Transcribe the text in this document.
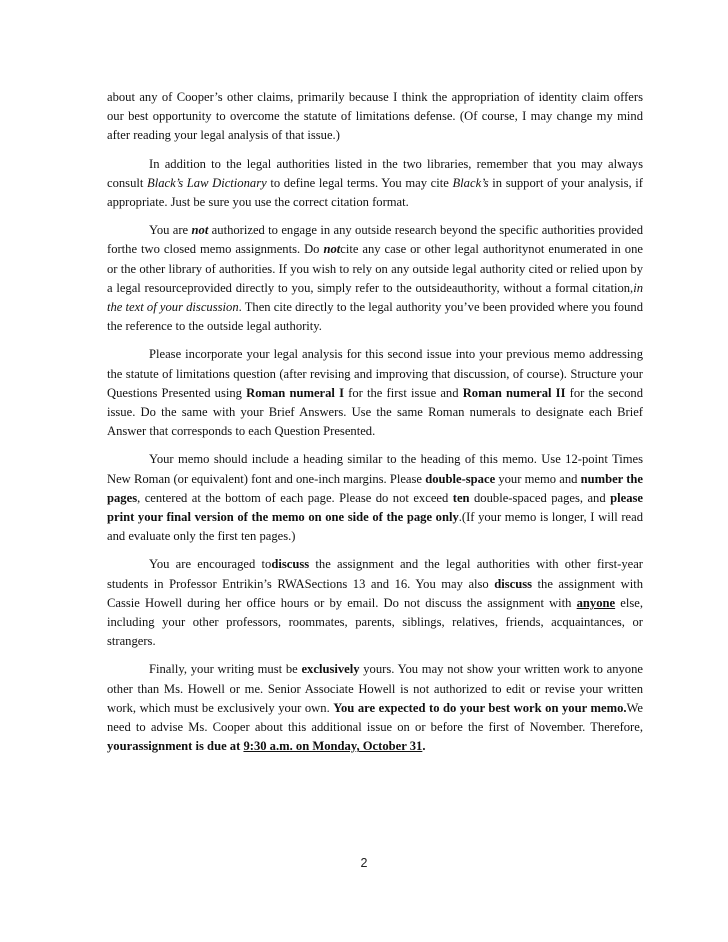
about any of Cooper’s other claims, primarily because I think the appropriation of identity claim offers our best opportunity to overcome the statute of limitations defense. (Of course, I may change my mind after reading your legal analysis of that issue.)

In addition to the legal authorities listed in the two libraries, remember that you may always consult Black’s Law Dictionary to define legal terms. You may cite Black’s in support of your analysis, if appropriate. Just be sure you use the correct citation format.

You are not authorized to engage in any outside research beyond the specific authorities provided forthe two closed memo assignments. Do notcite any case or other legal authoritynot enumerated in one or the other library of authorities. If you wish to rely on any outside legal authority cited or relied upon by a legal resourceprovided directly to you, simply refer to the outsideauthority, without a formal citation,in the text of your discussion. Then cite directly to the legal authority you’ve been provided where you found the reference to the outside legal authority.

Please incorporate your legal analysis for this second issue into your previous memo addressing the statute of limitations question (after revising and improving that discussion, of course). Structure your Questions Presented using Roman numeral I for the first issue and Roman numeral II for the second issue. Do the same with your Brief Answers. Use the same Roman numerals to designate each Brief Answer that corresponds to each Question Presented.

Your memo should include a heading similar to the heading of this memo. Use 12-point Times New Roman (or equivalent) font and one-inch margins. Please double-space your memo and number the pages, centered at the bottom of each page. Please do not exceed ten double-spaced pages, and please print your final version of the memo on one side of the page only.(If your memo is longer, I will read and evaluate only the first ten pages.)

You are encouraged todiscuss the assignment and the legal authorities with other first-year students in Professor Entrikin’s RWASections 13 and 16. You may also discuss the assignment with Cassie Howell during her office hours or by email. Do not discuss the assignment with anyone else, including your other professors, roommates, parents, siblings, relatives, friends, acquaintances, or strangers.

Finally, your writing must be exclusively yours. You may not show your written work to anyone other than Ms. Howell or me. Senior Associate Howell is not authorized to edit or revise your written work, which must be exclusively your own. You are expected to do your best work on your memo.We need to advise Ms. Cooper about this additional issue on or before the first of November. Therefore, yourassignment is due at 9:30 a.m. on Monday, October 31.

2
